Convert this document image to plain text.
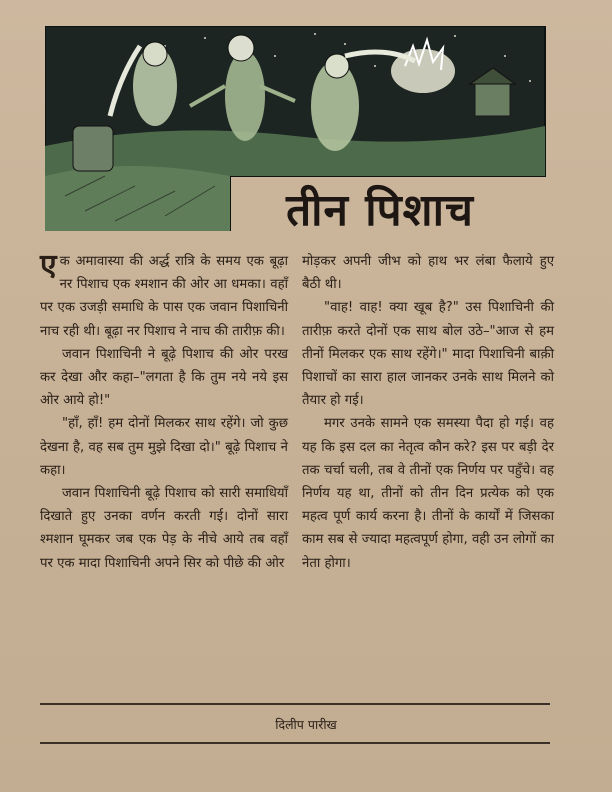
तीन पिशाच

एक अमावास्या की अर्द्ध रात्रि के समय एक बूढ़ा नर पिशाच एक श्मशान की ओर आ धमका। वहाँ पर एक उजड़ी समाधि के पास एक जवान पिशाचिनी नाच रही थी। बूढ़ा नर पिशाच ने नाच की तारीफ़ की।

जवान पिशाचिनी ने बूढ़े पिशाच की ओर परख कर देखा और कहा–"लगता है कि तुम नये नये इस ओर आये हो!"

"हाँ, हाँ! हम दोनों मिलकर साथ रहेंगे। जो कुछ देखना है, वह सब तुम मुझे दिखा दो।" बूढ़े पिशाच ने कहा।

जवान पिशाचिनी बूढ़े पिशाच को सारी समाधियाँ दिखाते हुए उनका वर्णन करती गई। दोनों सारा श्मशान घूमकर जब एक पेड़ के नीचे आये तब वहाँ पर एक मादा पिशाचिनी अपने सिर को पीछे की ओर

मोड़कर अपनी जीभ को हाथ भर लंबा फैलाये हुए बैठी थी।

"वाह! वाह! क्या खूब है?" उस पिशाचिनी की तारीफ़ करते दोनों एक साथ बोल उठे–"आज से हम तीनों मिलकर एक साथ रहेंगे।" मादा पिशाचिनी बाक़ी पिशाचों का सारा हाल जानकर उनके साथ मिलने को तैयार हो गई।

मगर उनके सामने एक समस्या पैदा हो गई। वह यह कि इस दल का नेतृत्व कौन करे? इस पर बड़ी देर तक चर्चा चली, तब वे तीनों एक निर्णय पर पहुँचे। वह निर्णय यह था, तीनों को तीन दिन प्रत्येक को एक महत्व पूर्ण कार्य करना है। तीनों के कार्यों में जिसका काम सब से ज्यादा महत्वपूर्ण होगा, वही उन लोगों का नेता होगा।

दिलीप पारीख
